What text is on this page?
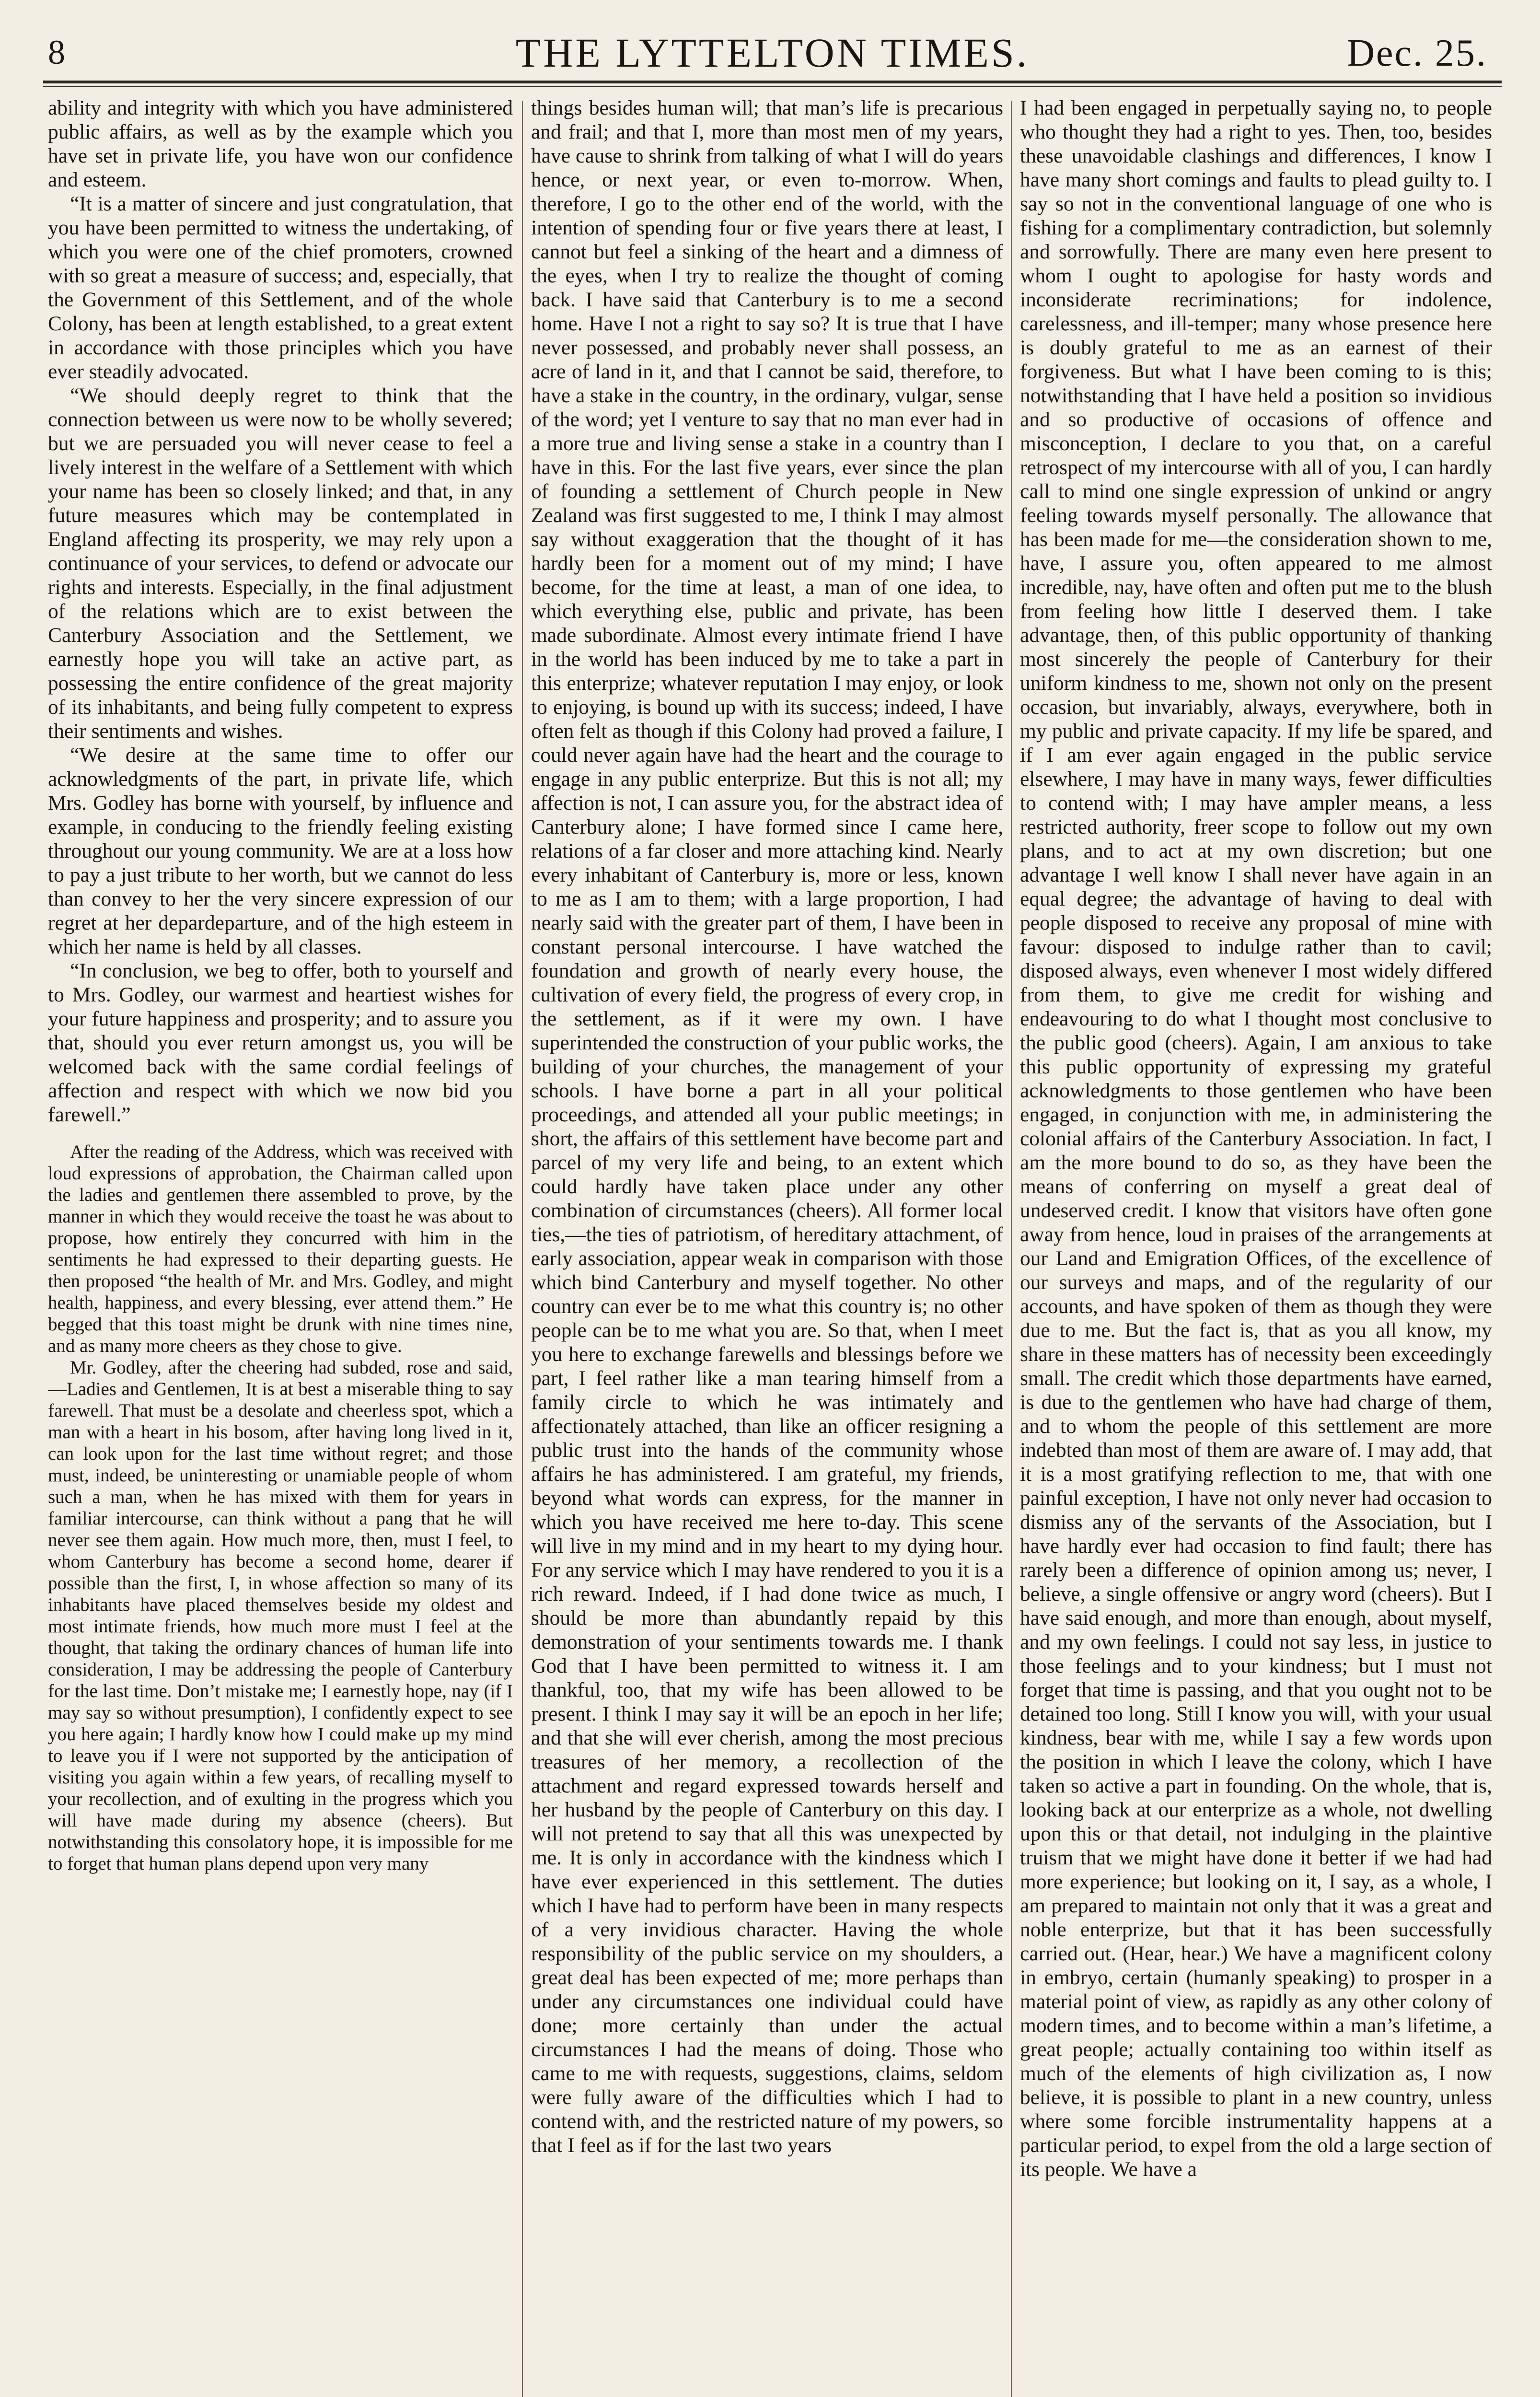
8	THE LYTTELTON TIMES.	Dec. 25.

ability and integrity with which you have administered public affairs, as well as by the example which you have set in private life, you have won our confidence and esteem.

“It is a matter of sincere and just congratulation, that you have been permitted to witness the undertaking, of which you were one of the chief promoters, crowned with so great a measure of success; and, especially, that the Government of this Settlement, and of the whole Colony, has been at length established, to a great extent in accordance with those principles which you have ever steadily advocated.

“We should deeply regret to think that the connection between us were now to be wholly severed; but we are persuaded you will never cease to feel a lively interest in the welfare of a Settlement with which your name has been so closely linked; and that, in any future measures which may be contemplated in England affecting its prosperity, we may rely upon a continuance of your services, to defend or advocate our rights and interests. Especially, in the final adjustment of the relations which are to exist between the Canterbury Association and the Settlement, we earnestly hope you will take an active part, as possessing the entire confidence of the great majority of its inhabitants, and being fully competent to express their sentiments and wishes.

“We desire at the same time to offer our acknowledgments of the part, in private life, which Mrs. Godley has borne with yourself, by influence and example, in conducing to the friendly feeling existing throughout our young community. We are at a loss how to pay a just tribute to her worth, but we cannot do less than convey to her the very sincere expression of our regret at her depardeparture, and of the high esteem in which her name is held by all classes.

“In conclusion, we beg to offer, both to yourself and to Mrs. Godley, our warmest and heartiest wishes for your future happiness and prosperity; and to assure you that, should you ever return amongst us, you will be welcomed back with the same cordial feelings of affection and respect with which we now bid you farewell.”

After the reading of the Address, which was received with loud expressions of approbation, the Chairman called upon the ladies and gentlemen there assembled to prove, by the manner in which they would receive the toast he was about to propose, how entirely they concurred with him in the sentiments he had expressed to their departing guests. He then proposed “the health of Mr. and Mrs. Godley, and might health, happiness, and every blessing, ever attend them.” He begged that this toast might be drunk with nine times nine, and as many more cheers as they chose to give.

Mr. Godley, after the cheering had subded, rose and said,—Ladies and Gentlemen, It is at best a miserable thing to say farewell. That must be a desolate and cheerless spot, which a man with a heart in his bosom, after having long lived in it, can look upon for the last time without regret; and those must, indeed, be uninteresting or unamiable people of whom such a man, when he has mixed with them for years in familiar intercourse, can think without a pang that he will never see them again. How much more, then, must I feel, to whom Canterbury has become a second home, dearer if possible than the first, I, in whose affection so many of its inhabitants have placed themselves beside my oldest and most intimate friends, how much more must I feel at the thought, that taking the ordinary chances of human life into consideration, I may be addressing the people of Canterbury for the last time. Don’t mistake me; I earnestly hope, nay (if I may say so without presumption), I confidently expect to see you here again; I hardly know how I could make up my mind to leave you if I were not supported by the anticipation of visiting you again within a few years, of recalling myself to your recollection, and of exulting in the progress which you will have made during my absence (cheers). But notwithstanding this consolatory hope, it is impossible for me to forget that human plans depend upon very many

things besides human will; that man’s life is precarious and frail; and that I, more than most men of my years, have cause to shrink from talking of what I will do years hence, or next year, or even to-morrow. When, therefore, I go to the other end of the world, with the intention of spending four or five years there at least, I cannot but feel a sinking of the heart and a dimness of the eyes, when I try to realize the thought of coming back. I have said that Canterbury is to me a second home. Have I not a right to say so? It is true that I have never possessed, and probably never shall possess, an acre of land in it, and that I cannot be said, therefore, to have a stake in the country, in the ordinary, vulgar, sense of the word; yet I venture to say that no man ever had in a more true and living sense a stake in a country than I have in this. For the last five years, ever since the plan of founding a settlement of Church people in New Zealand was first suggested to me, I think I may almost say without exaggeration that the thought of it has hardly been for a moment out of my mind; I have become, for the time at least, a man of one idea, to which everything else, public and private, has been made subordinate. Almost every intimate friend I have in the world has been induced by me to take a part in this enterprize; whatever reputation I may enjoy, or look to enjoying, is bound up with its success; indeed, I have often felt as though if this Colony had proved a failure, I could never again have had the heart and the courage to engage in any public enterprize. But this is not all; my affection is not, I can assure you, for the abstract idea of Canterbury alone; I have formed since I came here, relations of a far closer and more attaching kind. Nearly every inhabitant of Canterbury is, more or less, known to me as I am to them; with a large proportion, I had nearly said with the greater part of them, I have been in constant personal intercourse. I have watched the foundation and growth of nearly every house, the cultivation of every field, the progress of every crop, in the settlement, as if it were my own. I have superintended the construction of your public works, the building of your churches, the management of your schools. I have borne a part in all your political proceedings, and attended all your public meetings; in short, the affairs of this settlement have become part and parcel of my very life and being, to an extent which could hardly have taken place under any other combination of circumstances (cheers). All former local ties,—the ties of patriotism, of hereditary attachment, of early association, appear weak in comparison with those which bind Canterbury and myself together. No other country can ever be to me what this country is; no other people can be to me what you are. So that, when I meet you here to exchange farewells and blessings before we part, I feel rather like a man tearing himself from a family circle to which he was intimately and affectionately attached, than like an officer resigning a public trust into the hands of the community whose affairs he has administered. I am grateful, my friends, beyond what words can express, for the manner in which you have received me here to-day. This scene will live in my mind and in my heart to my dying hour. For any service which I may have rendered to you it is a rich reward. Indeed, if I had done twice as much, I should be more than abundantly repaid by this demonstration of your sentiments towards me. I thank God that I have been permitted to witness it. I am thankful, too, that my wife has been allowed to be present. I think I may say it will be an epoch in her life; and that she will ever cherish, among the most precious treasures of her memory, a recollection of the attachment and regard expressed towards herself and her husband by the people of Canterbury on this day. I will not pretend to say that all this was unexpected by me. It is only in accordance with the kindness which I have ever experienced in this settlement. The duties which I have had to perform have been in many respects of a very invidious character. Having the whole responsibility of the public service on my shoulders, a great deal has been expected of me; more perhaps than under any circumstances one individual could have done; more certainly than under the actual circumstances I had the means of doing. Those who came to me with requests, suggestions, claims, seldom were fully aware of the difficulties which I had to contend with, and the restricted nature of my powers, so that I feel as if for the last two years

I had been engaged in perpetually saying no, to people who thought they had a right to yes. Then, too, besides these unavoidable clashings and differences, I know I have many short comings and faults to plead guilty to. I say so not in the conventional language of one who is fishing for a complimentary contradiction, but solemnly and sorrowfully. There are many even here present to whom I ought to apologise for hasty words and inconsiderate recriminations; for indolence, carelessness, and ill-temper; many whose presence here is doubly grateful to me as an earnest of their forgiveness. But what I have been coming to is this; notwithstanding that I have held a position so invidious and so productive of occasions of offence and misconception, I declare to you that, on a careful retrospect of my intercourse with all of you, I can hardly call to mind one single expression of unkind or angry feeling towards myself personally. The allowance that has been made for me—the consideration shown to me, have, I assure you, often appeared to me almost incredible, nay, have often and often put me to the blush from feeling how little I deserved them. I take advantage, then, of this public opportunity of thanking most sincerely the people of Canterbury for their uniform kindness to me, shown not only on the present occasion, but invariably, always, everywhere, both in my public and private capacity. If my life be spared, and if I am ever again engaged in the public service elsewhere, I may have in many ways, fewer difficulties to contend with; I may have ampler means, a less restricted authority, freer scope to follow out my own plans, and to act at my own discretion; but one advantage I well know I shall never have again in an equal degree; the advantage of having to deal with people disposed to receive any proposal of mine with favour: disposed to indulge rather than to cavil; disposed always, even whenever I most widely differed from them, to give me credit for wishing and endeavouring to do what I thought most conclusive to the public good (cheers). Again, I am anxious to take this public opportunity of expressing my grateful acknowledgments to those gentlemen who have been engaged, in conjunction with me, in administering the colonial affairs of the Canterbury Association. In fact, I am the more bound to do so, as they have been the means of conferring on myself a great deal of undeserved credit. I know that visitors have often gone away from hence, loud in praises of the arrangements at our Land and Emigration Offices, of the excellence of our surveys and maps, and of the regularity of our accounts, and have spoken of them as though they were due to me. But the fact is, that as you all know, my share in these matters has of necessity been exceedingly small. The credit which those departments have earned, is due to the gentlemen who have had charge of them, and to whom the people of this settlement are more indebted than most of them are aware of. I may add, that it is a most gratifying reflection to me, that with one painful exception, I have not only never had occasion to dismiss any of the servants of the Association, but I have hardly ever had occasion to find fault; there has rarely been a difference of opinion among us; never, I believe, a single offensive or angry word (cheers). But I have said enough, and more than enough, about myself, and my own feelings. I could not say less, in justice to those feelings and to your kindness; but I must not forget that time is passing, and that you ought not to be detained too long. Still I know you will, with your usual kindness, bear with me, while I say a few words upon the position in which I leave the colony, which I have taken so active a part in founding. On the whole, that is, looking back at our enterprize as a whole, not dwelling upon this or that detail, not indulging in the plaintive truism that we might have done it better if we had had more experience; but looking on it, I say, as a whole, I am prepared to maintain not only that it was a great and noble enterprize, but that it has been successfully carried out. (Hear, hear.) We have a magnificent colony in embryo, certain (humanly speaking) to prosper in a material point of view, as rapidly as any other colony of modern times, and to become within a man’s lifetime, a great people; actually containing too within itself as much of the elements of high civilization as, I now believe, it is possible to plant in a new country, unless where some forcible instrumentality happens at a particular period, to expel from the old a large section of its people. We have a
